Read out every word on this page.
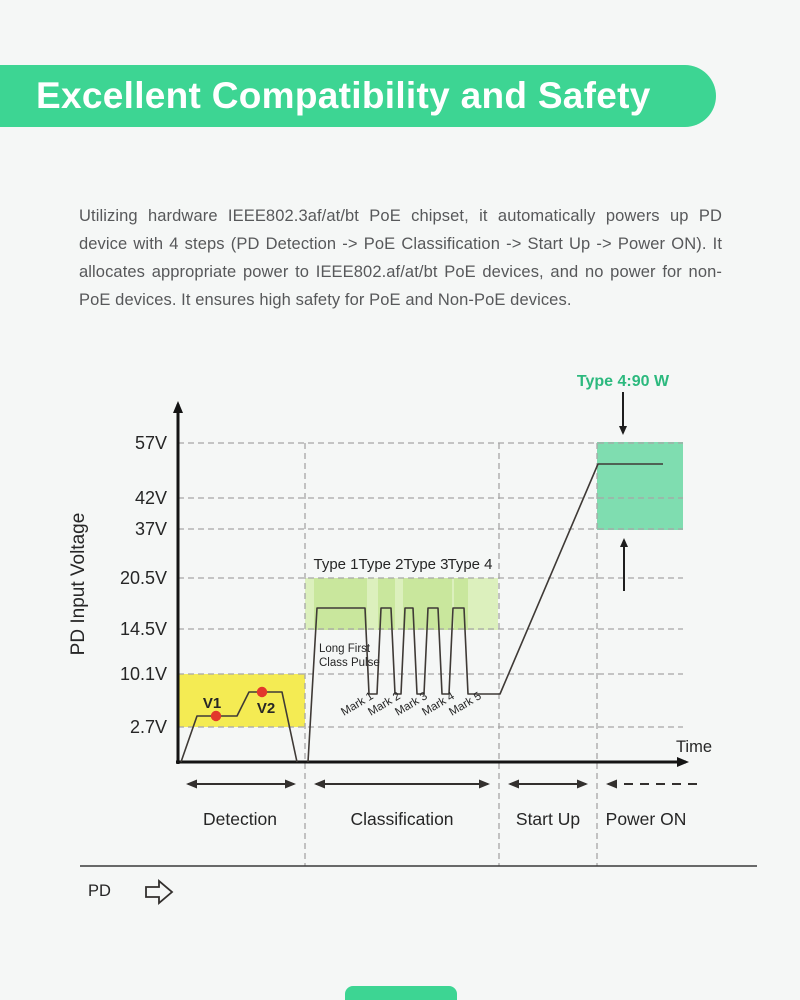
Excellent Compatibility and Safety

Utilizing hardware IEEE802.3af/at/bt PoE chipset, it automatically powers up PD device with 4 steps (PD Detection -> PoE Classification -> Start Up -> Power ON). It allocates appropriate power to IEEE802.af/at/bt PoE devices, and no power for non-PoE devices. It ensures high safety for PoE and Non-PoE devices.

57V
42V
37V
20.5V
14.5V
10.1V
2.7V
PD Input Voltage
Time
V1 V2
Type 1 Type 2 Type 3
Type 4
Long First
Class Pulse
Mark 1
Mark 2
Mark 3
Mark 4
Mark 5
Type 4:90 W
Detection	Classification	Start Up Power ON
PD
